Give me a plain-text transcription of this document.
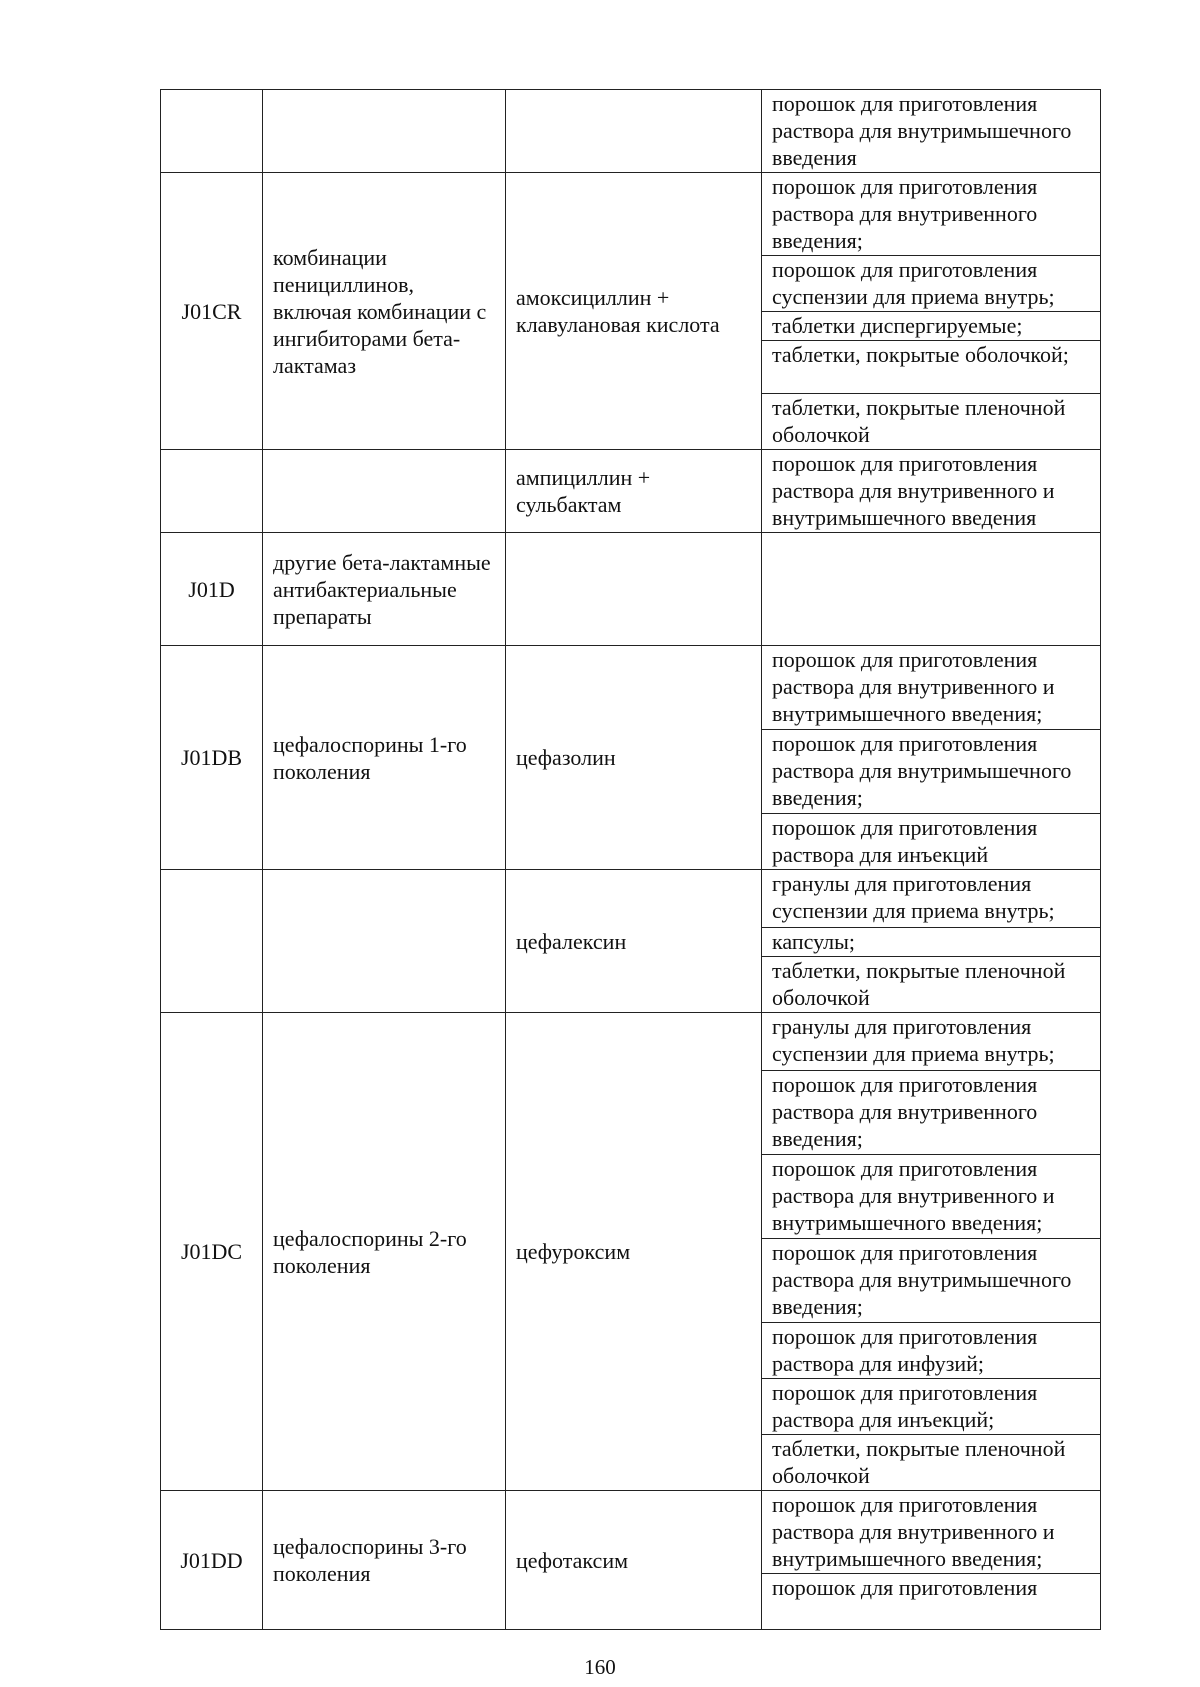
			порошок для приготовления раствора для внутримышечного введения
J01CR	комбинации пенициллинов, включая комбинации с ингибиторами бета-лактамаз	амоксициллин + клавулановая кислота	порошок для приготовления раствора для внутривенного введения;
			порошок для приготовления суспензии для приема внутрь;
			таблетки диспергируемые;
			таблетки, покрытые оболочкой;
			таблетки, покрытые пленочной оболочкой
		ампициллин + сульбактам	порошок для приготовления раствора для внутривенного и внутримышечного введения
J01D	другие бета-лактамные антибактериальные препараты		
J01DB	цефалоспорины 1-го поколения	цефазолин	порошок для приготовления раствора для внутривенного и внутримышечного введения;
			порошок для приготовления раствора для внутримышечного введения;
			порошок для приготовления раствора для инъекций
		цефалексин	гранулы для приготовления суспензии для приема внутрь;
			капсулы;
			таблетки, покрытые пленочной оболочкой
J01DC	цефалоспорины 2-го поколения	цефуроксим	гранулы для приготовления суспензии для приема внутрь;
			порошок для приготовления раствора для внутривенного введения;
			порошок для приготовления раствора для внутривенного и внутримышечного введения;
			порошок для приготовления раствора для внутримышечного введения;
			порошок для приготовления раствора для инфузий;
			порошок для приготовления раствора для инъекций;
			таблетки, покрытые пленочной оболочкой
J01DD	цефалоспорины 3-го поколения	цефотаксим	порошок для приготовления раствора для внутривенного и внутримышечного введения;
			порошок для приготовления
160
